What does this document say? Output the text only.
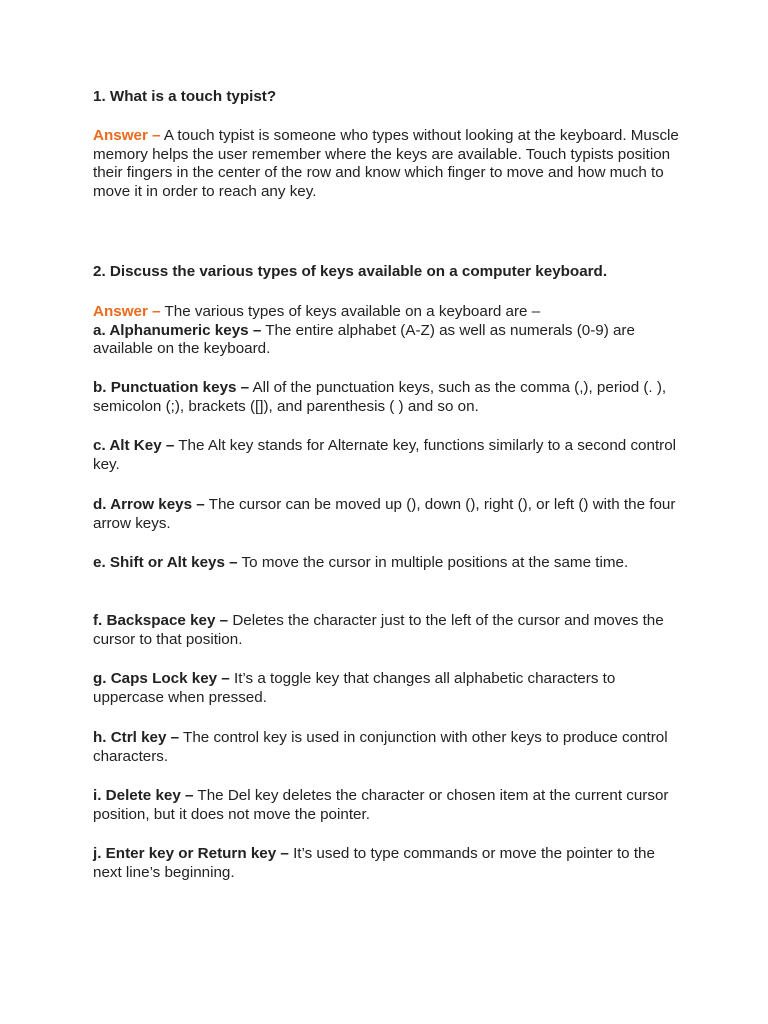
1. What is a touch typist?

Answer – A touch typist is someone who types without looking at the keyboard. Muscle memory helps the user remember where the keys are available. Touch typists position their fingers in the center of the row and know which finger to move and how much to move it in order to reach any key.

2. Discuss the various types of keys available on a computer keyboard.

Answer – The various types of keys available on a keyboard are –
a. Alphanumeric keys – The entire alphabet (A-Z) as well as numerals (0-9) are available on the keyboard.

b. Punctuation keys – All of the punctuation keys, such as the comma (,), period (. ), semicolon (;), brackets ([]), and parenthesis ( ) and so on.

c. Alt Key – The Alt key stands for Alternate key, functions similarly to a second control key.

d. Arrow keys – The cursor can be moved up (), down (), right (), or left () with the four arrow keys.

e. Shift or Alt keys – To move the cursor in multiple positions at the same time.

f. Backspace key – Deletes the character just to the left of the cursor and moves the cursor to that position.

g. Caps Lock key – It’s a toggle key that changes all alphabetic characters to uppercase when pressed.

h. Ctrl key – The control key is used in conjunction with other keys to produce control characters.

i. Delete key – The Del key deletes the character or chosen item at the current cursor position, but it does not move the pointer.

j. Enter key or Return key – It’s used to type commands or move the pointer to the next line’s beginning.
